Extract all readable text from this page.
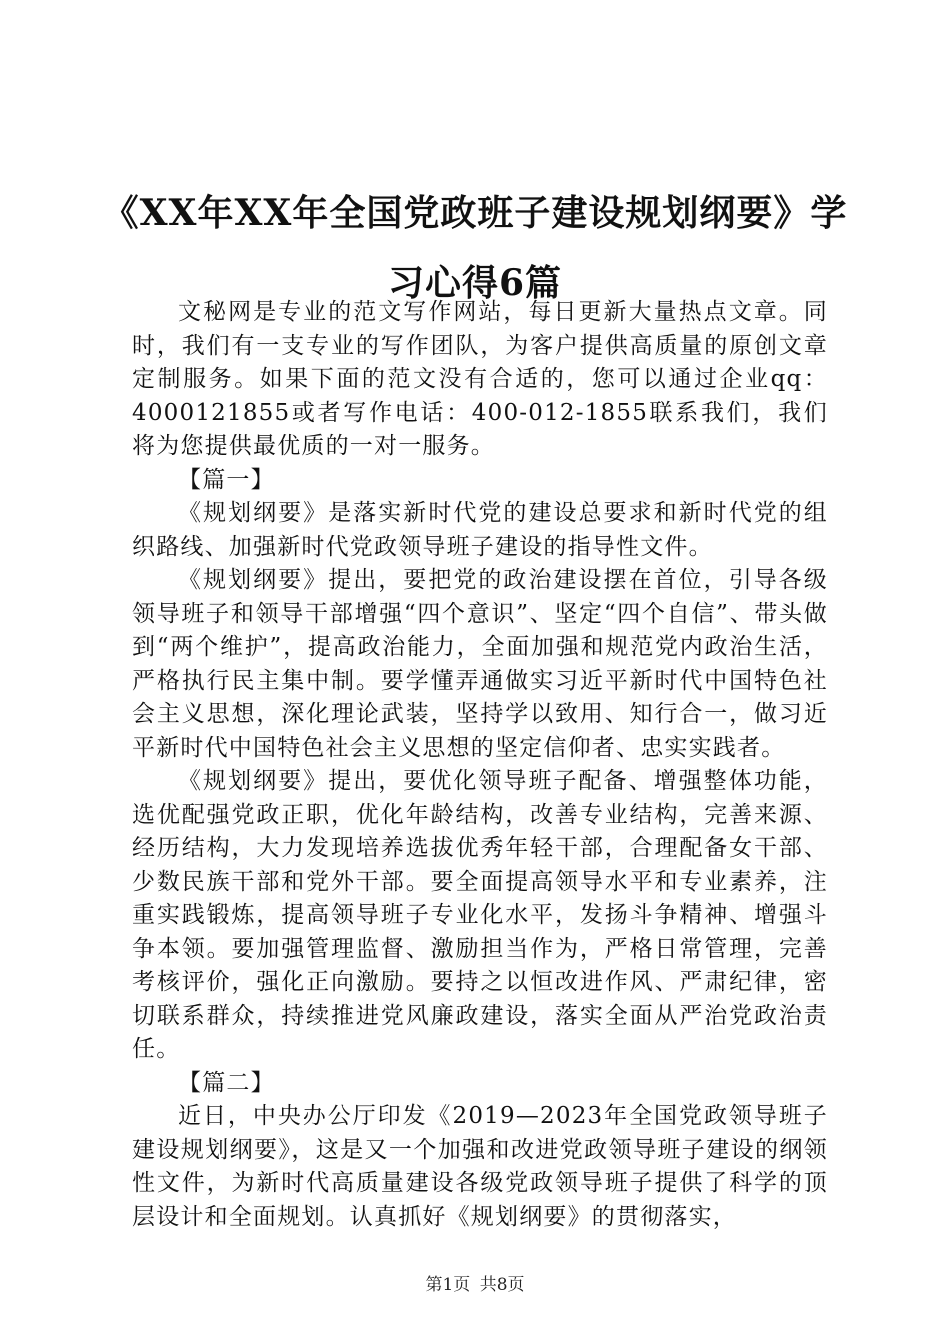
《XX年XX年全国党政班子建设规划纲要》学习心得6篇

文秘网是专业的范文写作网站，每日更新大量热点文章。同时，我们有一支专业的写作团队，为客户提供高质量的原创文章定制服务。如果下面的范文没有合适的，您可以通过企业qq：4000121855或者写作电话：400-012-1855联系我们，我们将为您提供最优质的一对一服务。

【篇一】

《规划纲要》是落实新时代党的建设总要求和新时代党的组织路线、加强新时代党政领导班子建设的指导性文件。

《规划纲要》提出，要把党的政治建设摆在首位，引导各级领导班子和领导干部增强“四个意识”、坚定“四个自信”、带头做到“两个维护”，提高政治能力，全面加强和规范党内政治生活，严格执行民主集中制。要学懂弄通做实习近平新时代中国特色社会主义思想，深化理论武装，坚持学以致用、知行合一，做习近平新时代中国特色社会主义思想的坚定信仰者、忠实实践者。

《规划纲要》提出，要优化领导班子配备、增强整体功能，选优配强党政正职，优化年龄结构，改善专业结构，完善来源、经历结构，大力发现培养选拔优秀年轻干部，合理配备女干部、少数民族干部和党外干部。要全面提高领导水平和专业素养，注重实践锻炼，提高领导班子专业化水平，发扬斗争精神、增强斗争本领。要加强管理监督、激励担当作为，严格日常管理，完善考核评价，强化正向激励。要持之以恒改进作风、严肃纪律，密切联系群众，持续推进党风廉政建设，落实全面从严治党政治责任。

【篇二】

近日，中央办公厅印发《2019—2023年全国党政领导班子建设规划纲要》，这是又一个加强和改进党政领导班子建设的纲领性文件，为新时代高质量建设各级党政领导班子提供了科学的顶层设计和全面规划。认真抓好《规划纲要》的贯彻落实，

第1页 共8页
